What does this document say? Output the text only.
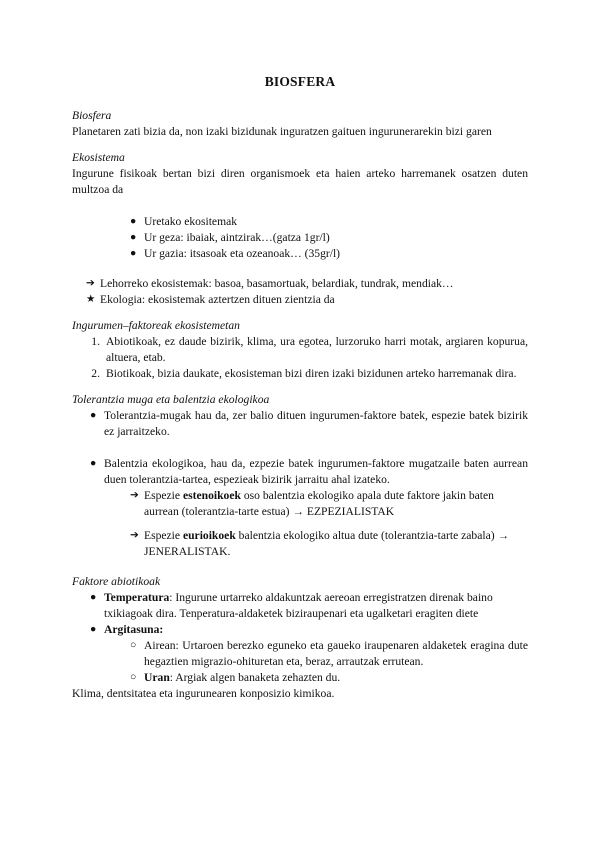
BIOSFERA

Biosfera

Planetaren zati bizia da, non izaki bizidunak inguratzen gaituen ingurunerarekin bizi garen

Ekosistema

Ingurune fisikoak bertan bizi diren organismoek eta haien arteko harremanek osatzen duten multzoa da

● Uretako ekositemak
● Ur geza: ibaiak, aintzirak…(gatza 1gr/l)
● Ur gazia: itsasoak eta ozeanoak… (35gr/l)
➔ Lehorreko ekosistemak: basoa, basamortuak, belardiak, tundrak, mendiak…
★ Ekologia: ekosistemak aztertzen dituen zientzia da

Ingurumen–faktoreak ekosistemetan

1. Abiotikoak, ez daude bizirik, klima, ura egotea, lurzoruko harri motak, argiaren kopurua, altuera, etab.
2. Biotikoak, bizia daukate, ekosisteman bizi diren izaki bizidunen arteko harremanak dira.

Tolerantzia muga eta balentzia ekologikoa

● Tolerantzia-mugak hau da, zer balio dituen ingurumen-faktore batek, espezie batek bizirik ez jarraitzeko.
● Balentzia ekologikoa, hau da, ezpezie batek ingurumen-faktore mugatzaile baten aurrean duen tolerantzia-tartea, espezieak bizirik jarraitu ahal izateko.
➔ Espezie estenoikoek oso balentzia ekologiko apala dute faktore jakin baten aurrean (tolerantzia-tarte estua) → EZPEZIALISTAK
➔ Espezie eurioikoek balentzia ekologiko altua dute (tolerantzia-tarte zabala) → JENERALISTAK.

Faktore abiotikoak

● Temperatura: Ingurune urtarreko aldakuntzak aereoan erregistratzen direnak baino txikiagoak dira. Tenperatura-aldaketek biziraupenari eta ugalketari eragiten diete
● Argitasuna:
○ Airean: Urtaroen berezko eguneko eta gaueko iraupenaren aldaketek eragina dute hegaztien migrazio-ohituretan eta, beraz, arrautzak errutean.
○ Uran: Argiak algen banaketa zehazten du.

Klima, dentsitatea eta ingurunearen konposizio kimikoa.
